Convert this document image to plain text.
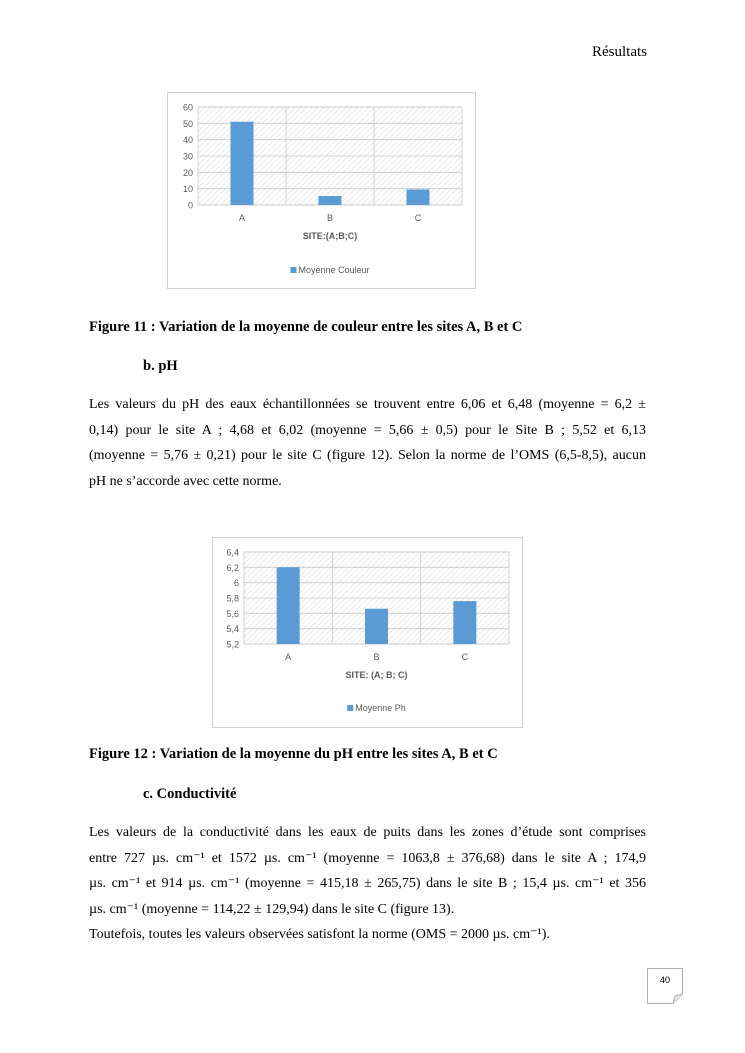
Résultats
0
10
20
30
40
50
60
A	B	C
SITE:(A;B;C)
Moyenne Couleur
Figure 11 : Variation de la moyenne de couleur entre les sites A, B et C
b. pH
Les valeurs du pH des eaux échantillonnées se trouvent entre 6,06 et 6,48 (moyenne = 6,2 ±
0,14) pour le site A ; 4,68 et 6,02 (moyenne = 5,66 ± 0,5) pour le Site B ; 5,52 et 6,13
(moyenne = 5,76 ± 0,21) pour le site C (figure 12). Selon la norme de l’OMS (6,5-8,5), aucun
pH ne s’accorde avec cette norme.
5,2
5,4
5,6
5,8
6
6,2
6,4
A	B	C
SITE: (A; B; C)
Moyenne Ph
Figure 12 : Variation de la moyenne du pH entre les sites A, B et C
c. Conductivité
Les valeurs de la conductivité dans les eaux de puits dans les zones d’étude sont comprises
entre 727 µs. cm⁻¹ et 1572 µs. cm⁻¹ (moyenne = 1063,8 ± 376,68) dans le site A ; 174,9
µs. cm⁻¹ et 914 µs. cm⁻¹ (moyenne = 415,18 ± 265,75) dans le site B ; 15,4 µs. cm⁻¹ et 356
µs. cm⁻¹ (moyenne = 114,22 ± 129,94) dans le site C (figure 13).
Toutefois, toutes les valeurs observées satisfont la norme (OMS = 2000 µs. cm⁻¹).
40
